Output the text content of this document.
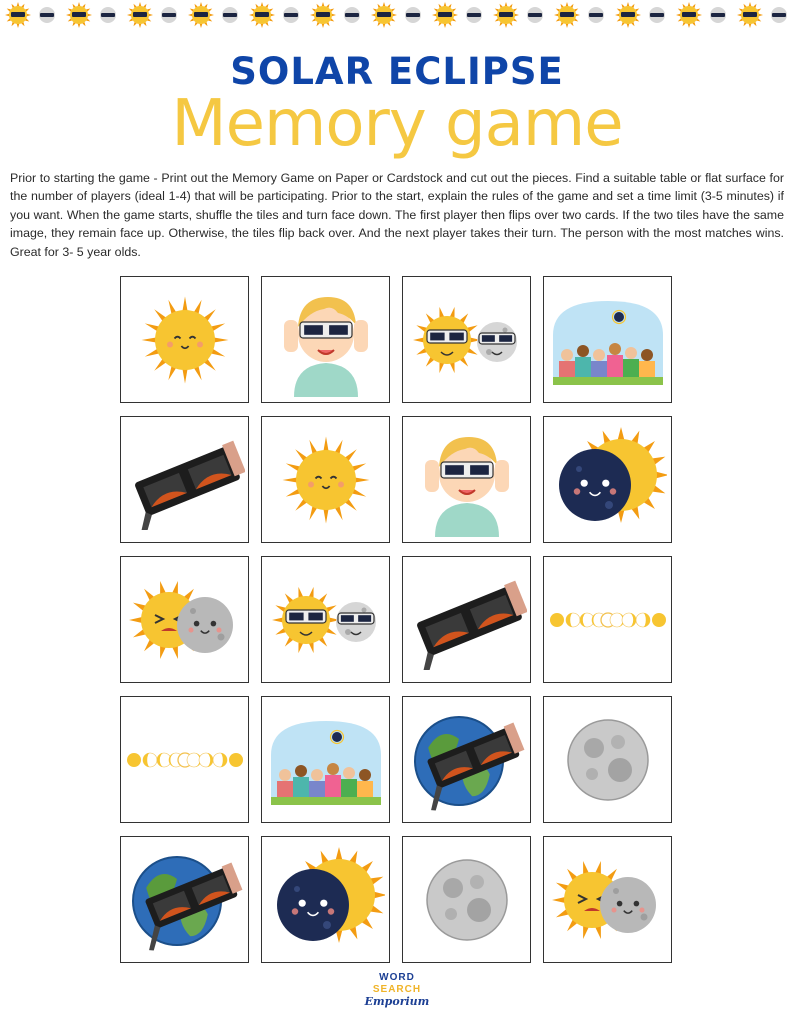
SOLAR ECLIPSE
Memory game
Prior to starting the game - Print out the Memory Game on Paper or Cardstock and cut out the pieces. Find a suitable table or flat surface for the number of players (ideal 1-4) that will be participating. Prior to the start, explain the rules of the game and set a time limit (3-5 minutes) if you want. When the game starts, shuffle the tiles and turn face down. The first player then flips over two cards. If the two tiles have the same image, they remain face up. Otherwise, the tiles flip back over. And the next player takes their turn. The person with the most matches wins. Great for 3- 5 year olds.
WORD
SEARCH
Emporium
